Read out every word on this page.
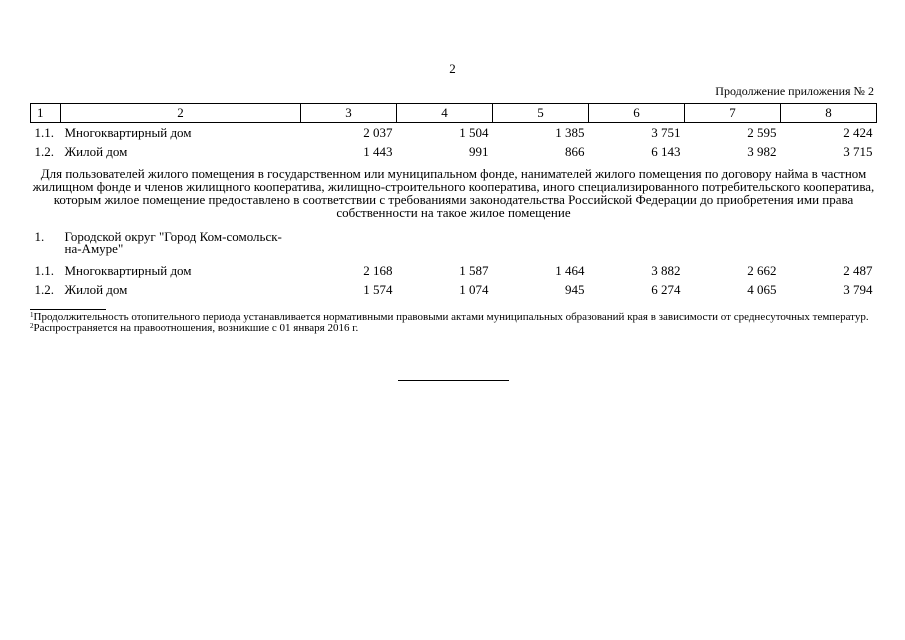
2
Продолжение приложения № 2
1	2	3	4	5	6	7	8
1.1.	Многоквартирный дом	2 037	1 504	1 385	3 751	2 595	2 424
1.2.	Жилой дом	1 443	991	866	6 143	3 982	3 715
Для пользователей жилого помещения в государственном или муниципальном фонде, нанимателей жилого помещения по договору найма в частном жилищном фонде и членов жилищного кооператива, жилищно-строительного кооператива, иного специализированного потребительского кооператива, которым жилое помещение предоставлено в соответствии с требованиями законодательства Российской Федерации до приобретения ими права собственности на такое жилое помещение							
1.	Городской округ "Город Ком-сомольск-на-Амуре"						
1.1.	Многоквартирный дом	2 168	1 587	1 464	3 882	2 662	2 487
1.2.	Жилой дом	1 574	1 074	945	6 274	4 065	3 794

$^1$Продолжительность отопительного периода устанавливается нормативными правовыми актами муниципальных образований края в зависимости от среднесуточных температур.

$^2$Распространяется на правоотношения, возникшие с 01 января 2016 г.
